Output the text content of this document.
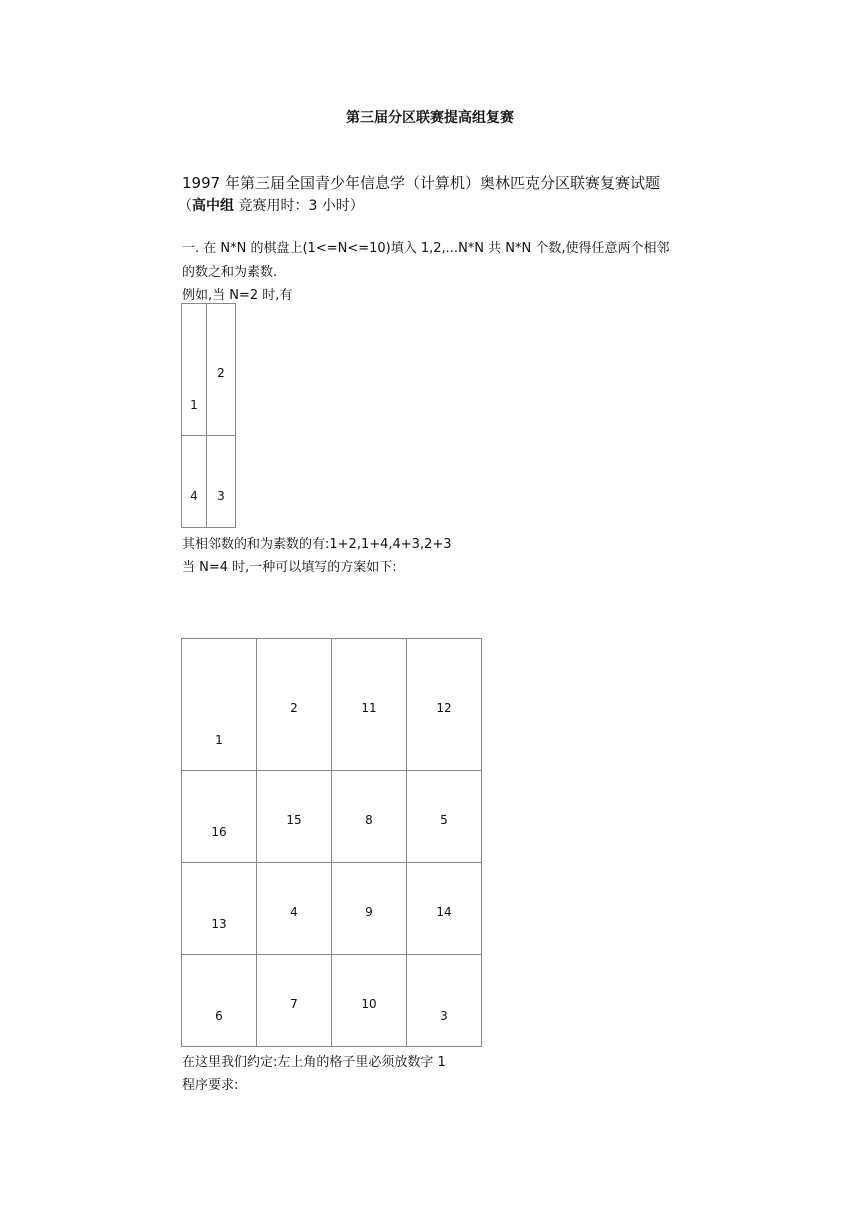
第三届分区联赛提高组复赛
1997 年第三届全国青少年信息学（计算机）奥林匹克分区联赛复赛试题
（高中组 竞赛用时：3 小时）
一. 在 N*N 的棋盘上(1<=N<=10)填入 1,2,...N*N 共 N*N 个数,使得任意两个相邻
的数之和为素数.
例如,当 N=2 时,有
1	2

4	3
其相邻数的和为素数的有:1+2,1+4,4+3,2+3
当 N=4 时,一种可以填写的方案如下:
1	2	11	12

16	15	8	5

13	4	9	14

6	7	10	3
在这里我们约定:左上角的格子里必须放数字 1
程序要求:
